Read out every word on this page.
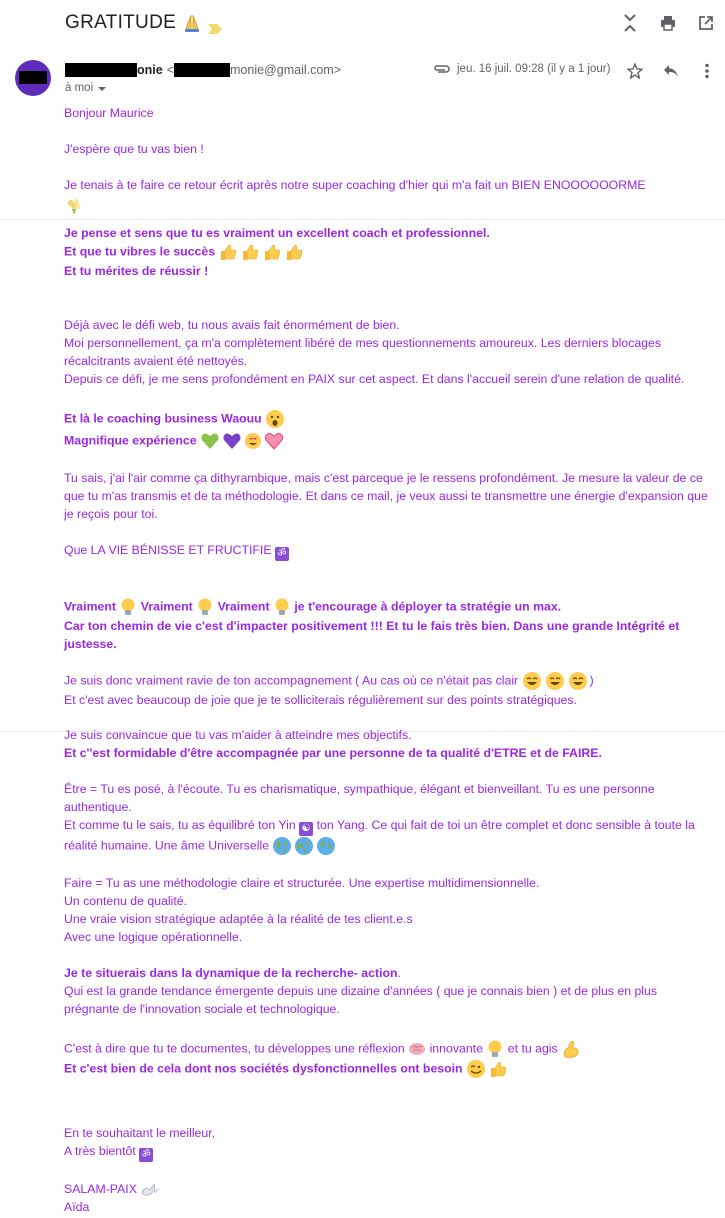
GRATITUDE
onie <	monie@gmail.com>
à moi
jeu. 16 juil. 09:28 (il y a 1 jour)

Bonjour Maurice

J'espère que tu vas bien !

Je tenais à te faire ce retour écrit après notre super coaching d'hier qui m'a fait un BIEN ENOOOOOORME

Je pense et sens que tu es vraiment un excellent coach et professionnel.

Et que tu vibres le succès

Et tu mérites de réussir !

Déjà avec le défi web, tu nous avais fait énormément de bien.

Moi personnellement, ça m'a complètement libéré de mes questionnements amoureux. Les derniers blocages récalcitrants avaient été nettoyés.

Depuis ce défi, je me sens profondément en PAIX sur cet aspect. Et dans l'accueil serein d'une relation de qualité.

Et là le coaching business Waouu

Magnifique expérience

Tu sais, j'ai l'air comme ça dithyrambique, mais c'est parceque je le ressens profondément. Je mesure la valeur de ce que tu m'as transmis et de ta méthodologie. Et dans ce mail, je veux aussi te transmettre une énergie d'expansion que je reçois pour toi.

Que LA VIE BÉNISSE ET FRUCTIFIE ॐ

Vraiment Vraiment Vraiment je t'encourage à déployer ta stratégie un max.

Car ton chemin de vie c'est d'impacter positivement !!! Et tu le fais très bien. Dans une grande Intégrité et justesse.

Je suis donc vraiment ravie de ton accompagnement ( Au cas où ce n'était pas clair	)

Et c'est avec beaucoup de joie que je te solliciterais régulièrement sur des points stratégiques.

Je suis convaincue que tu vas m'aider à atteindre mes objectifs.

Et c''est formidable d'être accompagnée par une personne de ta qualité d'ETRE et de FAIRE.

Être = Tu es posé, à l'écoute. Tu es charismatique, sympathique, élégant et bienveillant. Tu es une personne authentique.

Et comme tu le sais, tu as équilibré ton Yin ☯ ton Yang. Ce qui fait de toi un être complet et donc sensible à toute la réalité humaine. Une âme Universelle

Faire = Tu as une méthodologie claire et structurée. Une expertise multidimensionnelle.

Un contenu de qualité.

Une vraie vision stratégique adaptée à la réalité de tes client.e.s

Avec une logique opérationnelle.

Je te situerais dans la dynamique de la recherche- action.

Qui est la grande tendance émergente depuis une dizaine d'années ( que je connais bien ) et de plus en plus prégnante de l'innovation sociale et technologique.

C'est à dire que tu te documentes, tu développes une réflexion innovante et tu agis

Et c'est bien de cela dont nos sociétés dysfonctionnelles ont besoin

En te souhaitant le meilleur,

A très bientôt ॐ

SALAM-PAIX

Aïda
